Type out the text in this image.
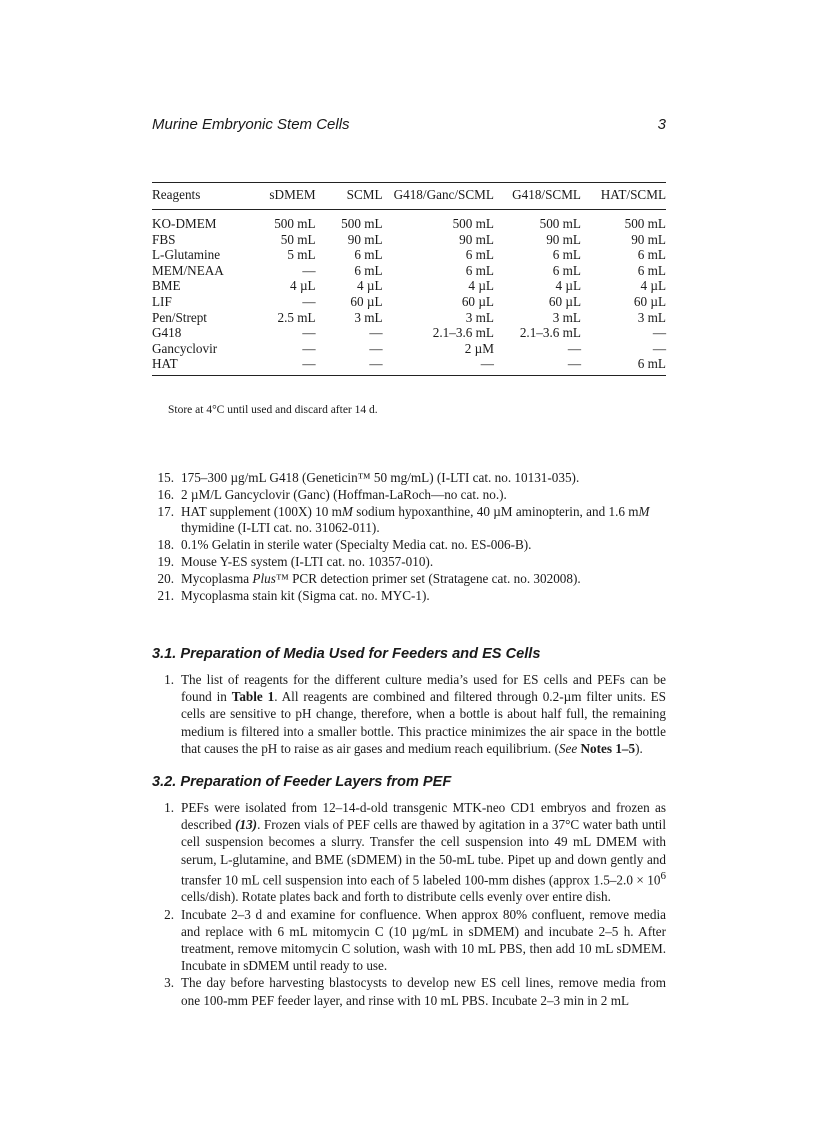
Murine Embryonic Stem Cells	3
Reagents	sDMEM	SCML	G418/Ganc/SCML	G418/SCML	HAT/SCML
KO-DMEM	500 mL	500 mL	500 mL	500 mL	500 mL
FBS	50 mL	90 mL	90 mL	90 mL	90 mL
L-Glutamine	5 mL	6 mL	6 mL	6 mL	6 mL
MEM/NEAA	—	6 mL	6 mL	6 mL	6 mL
BME	4 µL	4 µL	4 µL	4 µL	4 µL
LIF	—	60 µL	60 µL	60 µL	60 µL
Pen/Strept	2.5 mL	3 mL	3 mL	3 mL	3 mL
G418	—	—	2.1–3.6 mL	2.1–3.6 mL	—
Gancyclovir	—	—	2 µM	—	—
HAT	—	—	—	—	6 mL
Store at 4°C until used and discard after 14 d.
15. 175–300 µg/mL G418 (Geneticin™ 50 mg/mL) (I-LTI cat. no. 10131-035).
16. 2 µM/L Gancyclovir (Ganc) (Hoffman-LaRoch—no cat. no.).
17. HAT supplement (100X) 10 mM sodium hypoxanthine, 40 µM aminopterin, and 1.6 mM thymidine (I-LTI cat. no. 31062-011).
18. 0.1% Gelatin in sterile water (Specialty Media cat. no. ES-006-B).
19. Mouse Y-ES system (I-LTI cat. no. 10357-010).
20. Mycoplasma Plus™ PCR detection primer set (Stratagene cat. no. 302008).
21. Mycoplasma stain kit (Sigma cat. no. MYC-1).
3.1. Preparation of Media Used for Feeders and ES Cells
1. The list of reagents for the different culture media’s used for ES cells and PEFs can be found in Table 1. All reagents are combined and filtered through 0.2-µm filter units. ES cells are sensitive to pH change, therefore, when a bottle is about half full, the remaining medium is filtered into a smaller bottle. This practice minimizes the air space in the bottle that causes the pH to raise as air gases and medium reach equilibrium. (See Notes 1–5).
3.2. Preparation of Feeder Layers from PEF
1. PEFs were isolated from 12–14-d-old transgenic MTK-neo CD1 embryos and frozen as described (13). Frozen vials of PEF cells are thawed by agitation in a 37°C water bath until cell suspension becomes a slurry. Transfer the cell suspension into 49 mL DMEM with serum, L-glutamine, and BME (sDMEM) in the 50-mL tube. Pipet up and down gently and transfer 10 mL cell suspension into each of 5 labeled 100-mm dishes (approx $1.5-2.0 \times 10^6$ cells/dish). Rotate plates back and forth to distribute cells evenly over entire dish.
2. Incubate 2–3 d and examine for confluence. When approx 80% confluent, remove media and replace with 6 mL mitomycin C (10 µg/mL in sDMEM) and incubate 2–5 h. After treatment, remove mitomycin C solution, wash with 10 mL PBS, then add 10 mL sDMEM. Incubate in sDMEM until ready to use.
3. The day before harvesting blastocysts to develop new ES cell lines, remove media from one 100-mm PEF feeder layer, and rinse with 10 mL PBS. Incubate 2–3 min in 2 mL
